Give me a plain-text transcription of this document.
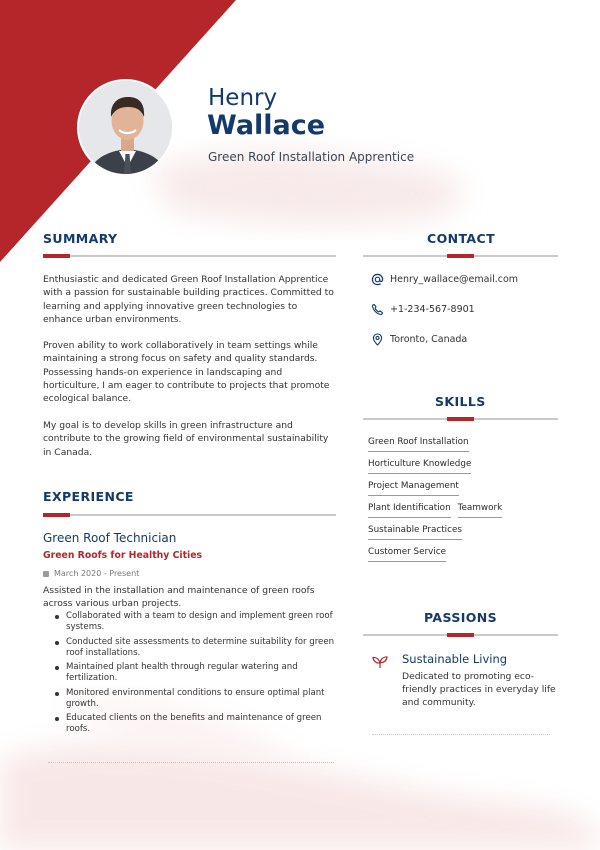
Henry
Wallace
Green Roof Installation Apprentice
SUMMARY
Enthusiastic and dedicated Green Roof Installation Apprentice with a passion for sustainable building practices. Committed to learning and applying innovative green technologies to enhance urban environments.
Proven ability to work collaboratively in team settings while maintaining a strong focus on safety and quality standards. Possessing hands-on experience in landscaping and horticulture, I am eager to contribute to projects that promote ecological balance.
My goal is to develop skills in green infrastructure and contribute to the growing field of environmental sustainability in Canada.
EXPERIENCE
Green Roof Technician
Green Roofs for Healthy Cities
March 2020 - Present
Assisted in the installation and maintenance of green roofs across various urban projects.
Collaborated with a team to design and implement green roof systems.
Conducted site assessments to determine suitability for green roof installations.
Maintained plant health through regular watering and fertilization.
Monitored environmental conditions to ensure optimal plant growth.
Educated clients on the benefits and maintenance of green roofs.
CONTACT
Henry_wallace@email.com
+1-234-567-8901
Toronto, Canada
SKILLS
Green Roof Installation
Horticulture Knowledge
Project Management
Plant Identification Teamwork
Sustainable Practices
Customer Service
PASSIONS
Sustainable Living
Dedicated to promoting eco-friendly practices in everyday life and community.
